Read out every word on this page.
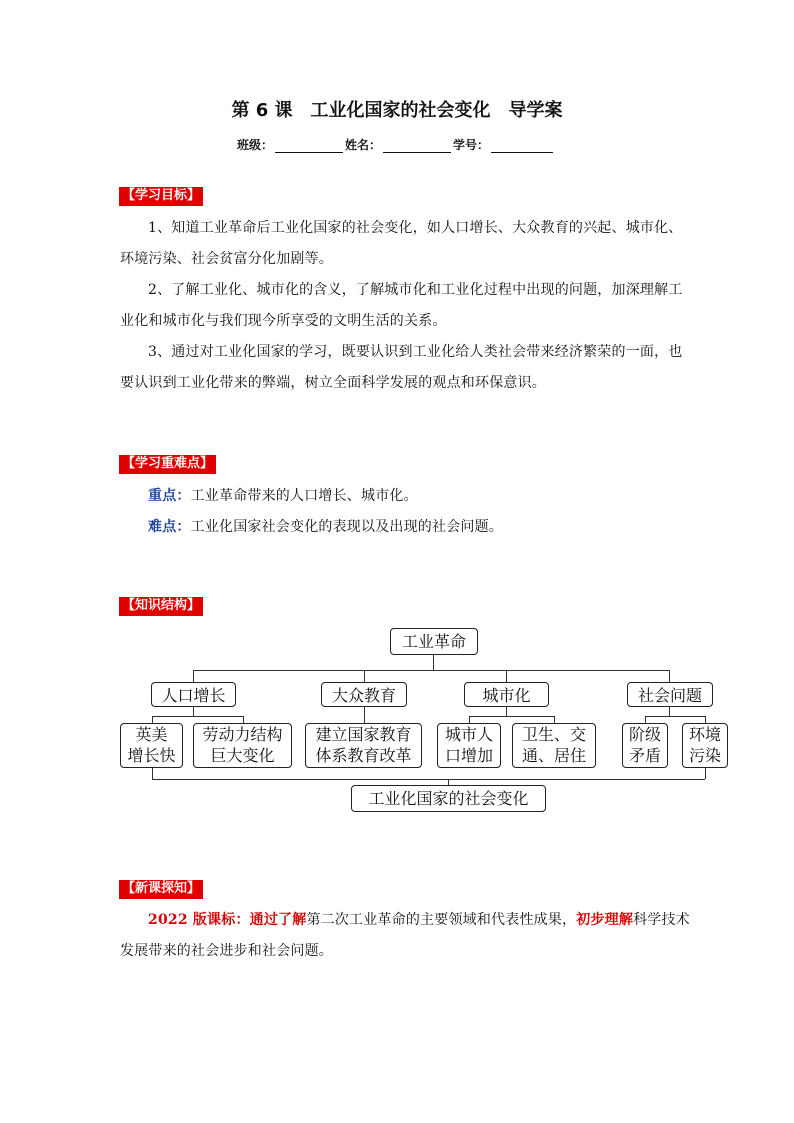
第 6 课　工业化国家的社会变化　导学案
班级：	姓名：	学号：
【学习目标】
1、知道工业革命后工业化国家的社会变化，如人口增长、大众教育的兴起、城市化、环境污染、社会贫富分化加剧等。
2、了解工业化、城市化的含义，了解城市化和工业化过程中出现的问题，加深理解工业化和城市化与我们现今所享受的文明生活的关系。
3、通过对工业化国家的学习，既要认识到工业化给人类社会带来经济繁荣的一面，也要认识到工业化带来的弊端，树立全面科学发展的观点和环保意识。
【学习重难点】
重点：工业革命带来的人口增长、城市化。
难点：工业化国家社会变化的表现以及出现的社会问题。
【知识结构】
工业革命
人口增长	大众教育	城市化	社会问题
英美
增长快
劳动力结构
巨大变化
建立国家教育
体系教育改革
城市人
口增加
卫生、交
通、居住
阶级
矛盾
环境
污染
工业化国家的社会变化
【新课探知】
2022 版课标：通过了解第二次工业革命的主要领域和代表性成果，初步理解科学技术发展带来的社会进步和社会问题。
